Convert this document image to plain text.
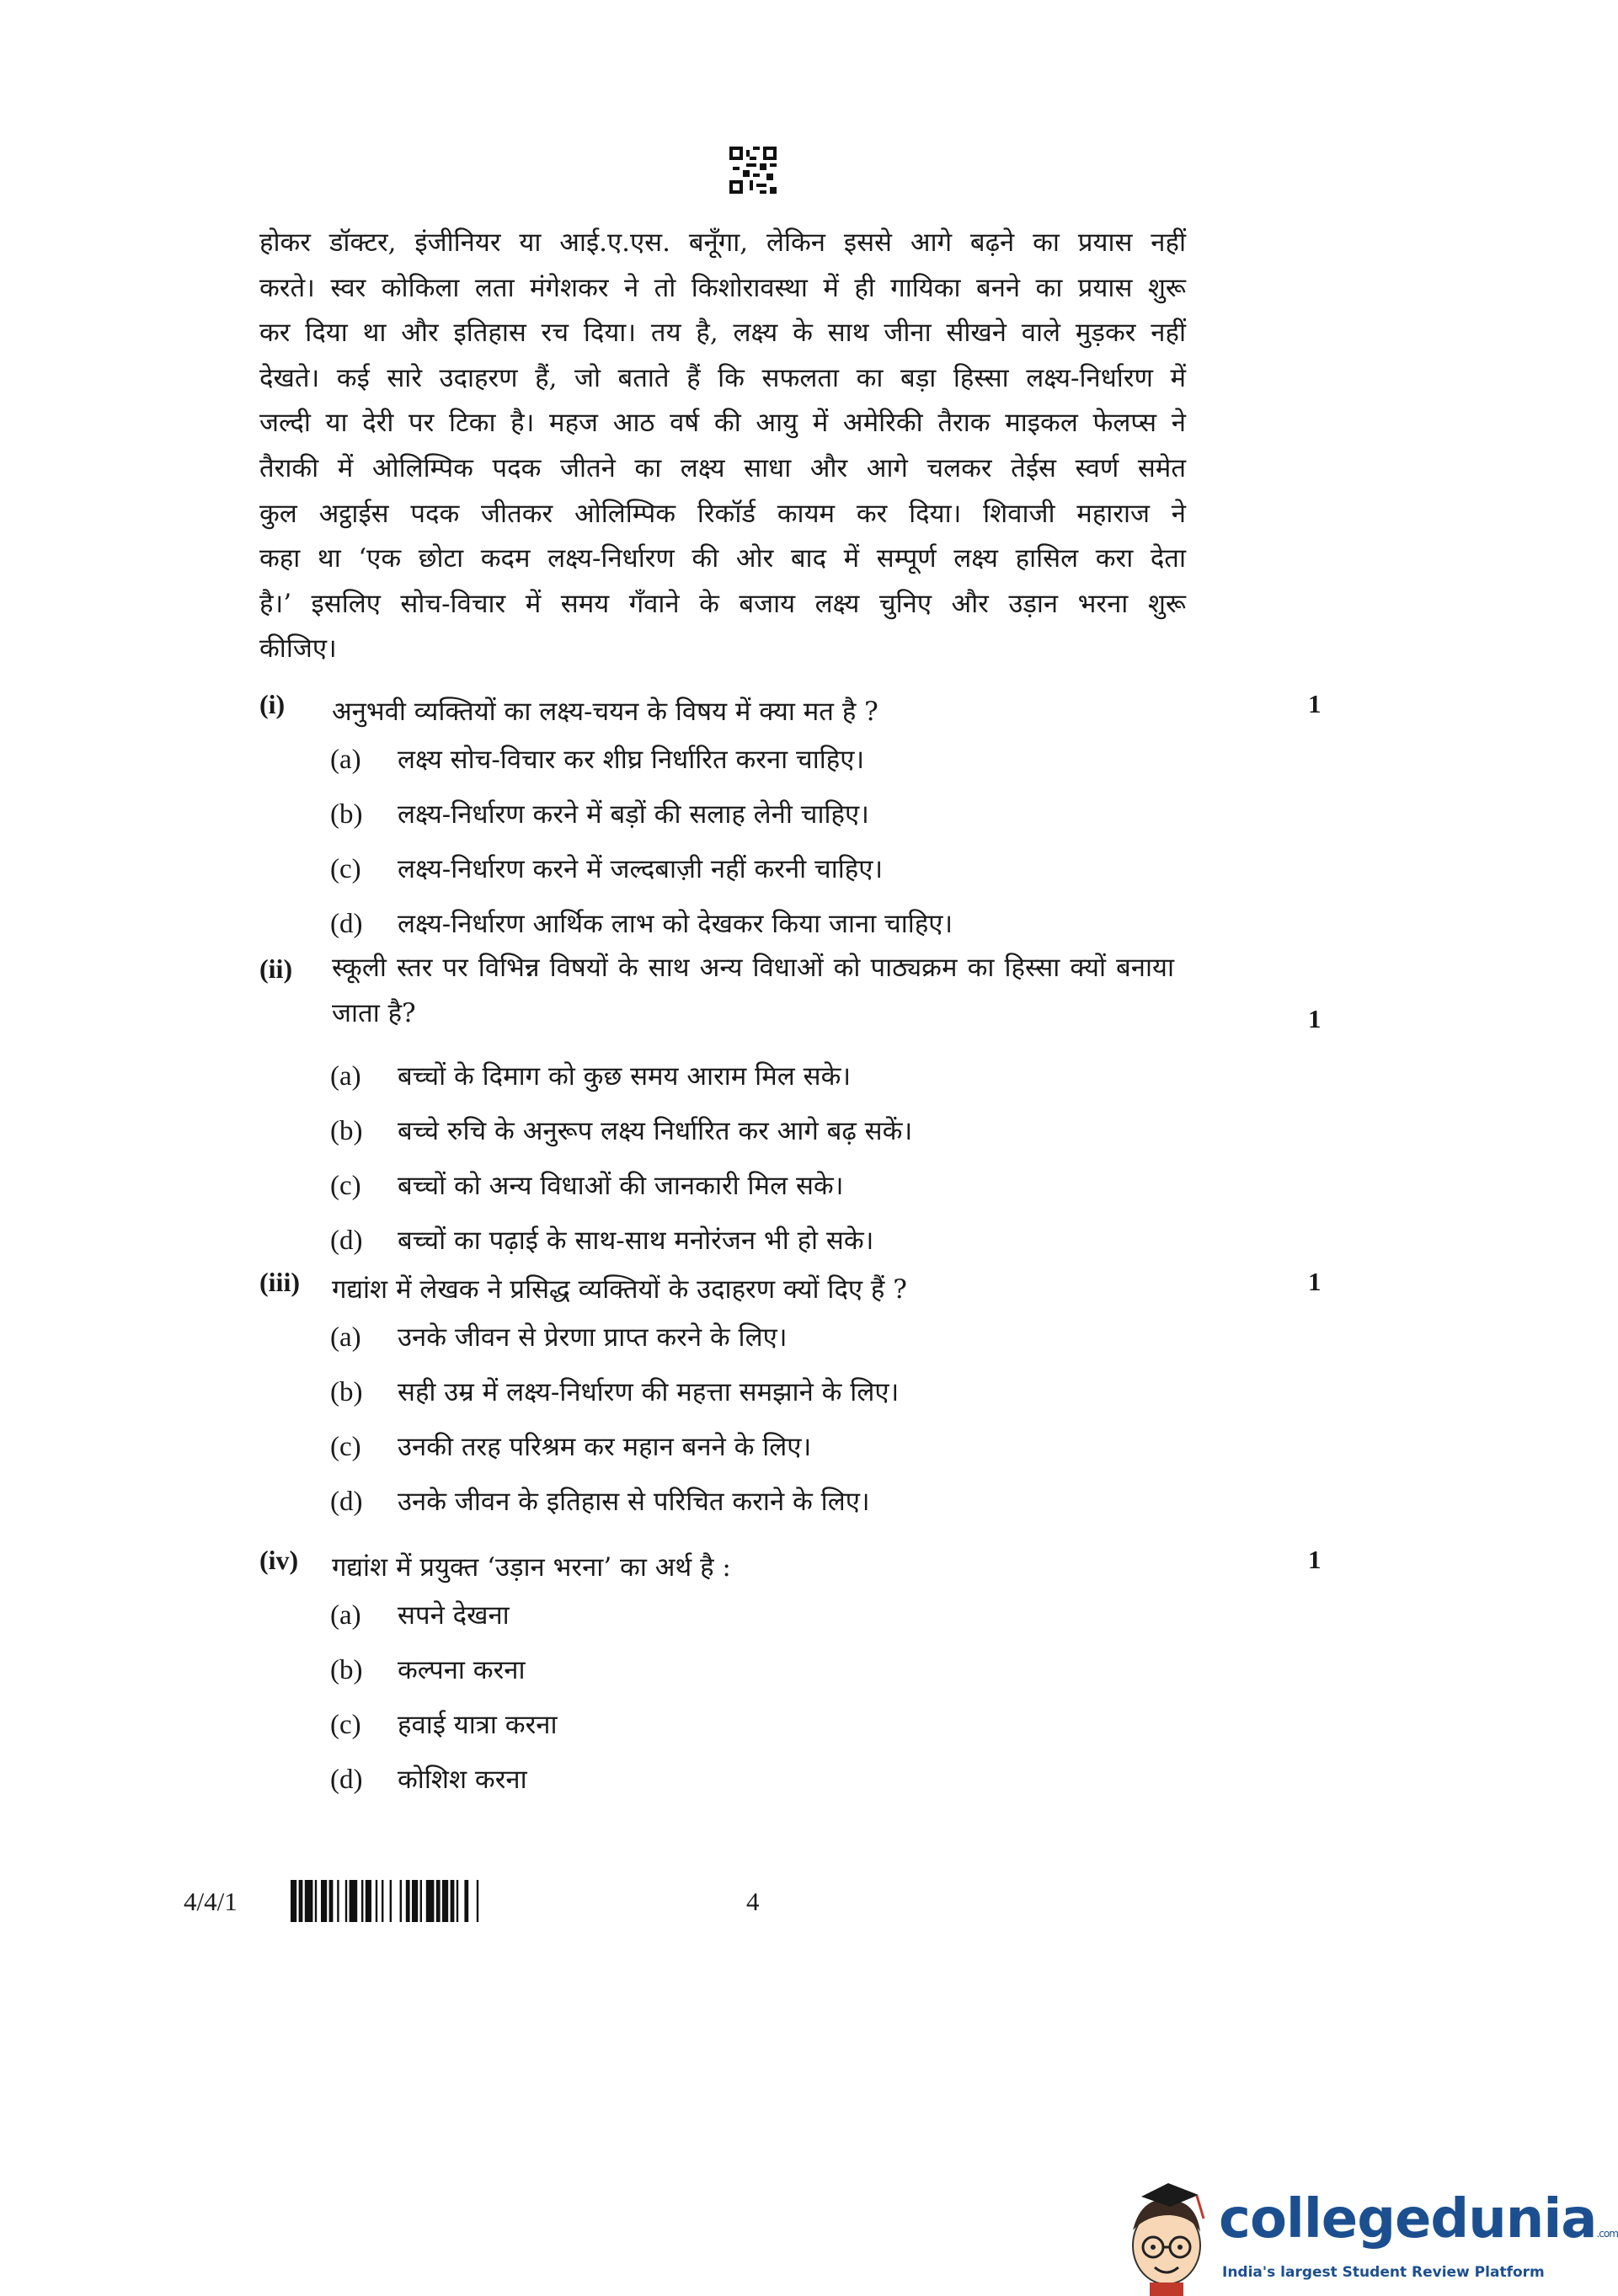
होकर डॉक्टर, इंजीनियर या आई.ए.एस. बनूँगा, लेकिन इससे आगे बढ़ने का प्रयास नहीं
करते। स्वर कोकिला लता मंगेशकर ने तो किशोरावस्था में ही गायिका बनने का प्रयास शुरू
कर दिया था और इतिहास रच दिया। तय है, लक्ष्य के साथ जीना सीखने वाले मुड़कर नहीं
देखते। कई सारे उदाहरण हैं, जो बताते हैं कि सफलता का बड़ा हिस्सा लक्ष्य-निर्धारण में
जल्दी या देरी पर टिका है। महज आठ वर्ष की आयु में अमेरिकी तैराक माइकल फेलप्स ने
तैराकी में ओलिम्पिक पदक जीतने का लक्ष्य साधा और आगे चलकर तेईस स्वर्ण समेत
कुल अट्ठाईस पदक जीतकर ओलिम्पिक रिकॉर्ड कायम कर दिया। शिवाजी महाराज ने
कहा था ‘एक छोटा कदम लक्ष्य-निर्धारण की ओर बाद में सम्पूर्ण लक्ष्य हासिल करा देता
है।’ इसलिए सोच-विचार में समय गँवाने के बजाय लक्ष्य चुनिए और उड़ान भरना शुरू
कीजिए।
(i) अनुभवी व्यक्तियों का लक्ष्य-चयन के विषय में क्या मत है ?	1
(a) लक्ष्य सोच-विचार कर शीघ्र निर्धारित करना चाहिए।
(b) लक्ष्य-निर्धारण करने में बड़ों की सलाह लेनी चाहिए।
(c) लक्ष्य-निर्धारण करने में जल्दबाज़ी नहीं करनी चाहिए।
(d) लक्ष्य-निर्धारण आर्थिक लाभ को देखकर किया जाना चाहिए।
(ii) स्कूली स्तर पर विभिन्न विषयों के साथ अन्य विधाओं को पाठ्यक्रम का हिस्सा क्यों बनाया जाता है?	1
(a) बच्चों के दिमाग को कुछ समय आराम मिल सके।
(b) बच्चे रुचि के अनुरूप लक्ष्य निर्धारित कर आगे बढ़ सकें।
(c) बच्चों को अन्य विधाओं की जानकारी मिल सके।
(d) बच्चों का पढ़ाई के साथ-साथ मनोरंजन भी हो सके।
(iii) गद्यांश में लेखक ने प्रसिद्ध व्यक्तियों के उदाहरण क्यों दिए हैं ?	1
(a) उनके जीवन से प्रेरणा प्राप्त करने के लिए।
(b) सही उम्र में लक्ष्य-निर्धारण की महत्ता समझाने के लिए।
(c) उनकी तरह परिश्रम कर महान बनने के लिए।
(d) उनके जीवन के इतिहास से परिचित कराने के लिए।
(iv) गद्यांश में प्रयुक्त ‘उड़ान भरना’ का अर्थ है :	1
(a) सपने देखना
(b) कल्पना करना
(c) हवाई यात्रा करना
(d) कोशिश करना
4/4/1	4
collegedunia.com
India's largest Student Review Platform
